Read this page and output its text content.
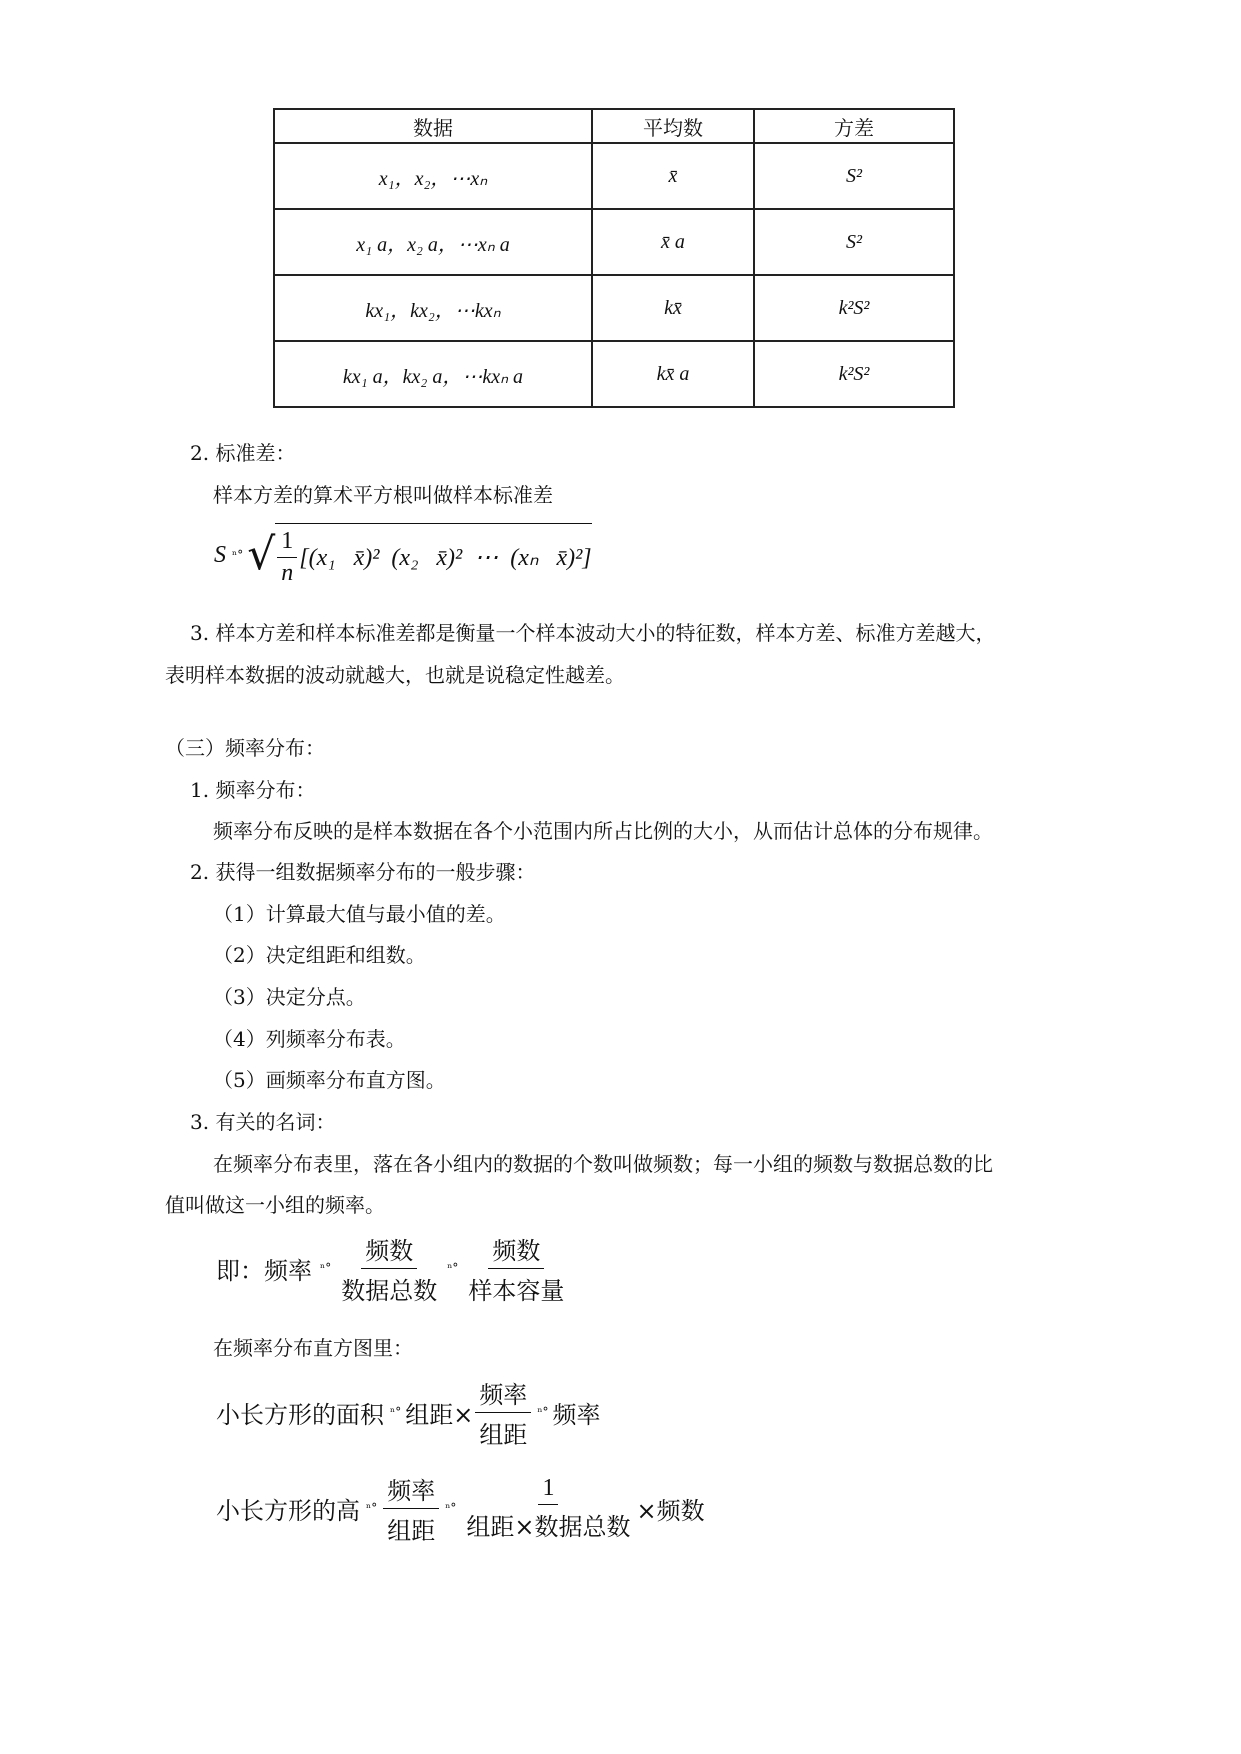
数据	平均数	方差
x₁，x₂，⋯xₙ	x̄	S²
x₁ a，x₂ a，⋯xₙ a	x̄ a	S²
kx₁，kx₂，⋯kxₙ	kx̄	k²S²
kx₁ a，kx₂ a，⋯kxₙ a	kx̄ a	k²S²
2. 标准差：
样本方差的算术平方根叫做样本标准差
S ⁿ° √ $\frac{1}{n} [(x_1$   x̄)²  (x₂   x̄)²  ⋯  (xₙ   x̄)²]
3. 样本方差和样本标准差都是衡量一个样本波动大小的特征数，样本方差、标准方差越大，
表明样本数据的波动就越大，也就是说稳定性越差。
（三）频率分布：
1. 频率分布：
频率分布反映的是样本数据在各个小范围内所占比例的大小，从而估计总体的分布规律。
2. 获得一组数据频率分布的一般步骤：
（1）计算最大值与最小值的差。
（2）决定组距和组数。
（3）决定分点。
（4）列频率分布表。
（5）画频率分布直方图。
3. 有关的名词：
在频率分布表里，落在各小组内的数据的个数叫做频数；每一小组的频数与数据总数的比
值叫做这一小组的频率。
即：频率 $^n^\circ \frac{\text{频数}}{\text{数据总数}} ^n^\circ \frac{\text{频数}}{\text{样本容量}}$
在频率分布直方图里：
小长方形的面积 ⁿ° 组距× $\frac{\text{频率}}{\text{组距}} ^n^\circ$ 频率
小长方形的高 $^n^\circ \frac{\text{频率}}{\text{组距}} ^n^\circ \frac{1}{\text{组距×数据总数}}$ ×频数
